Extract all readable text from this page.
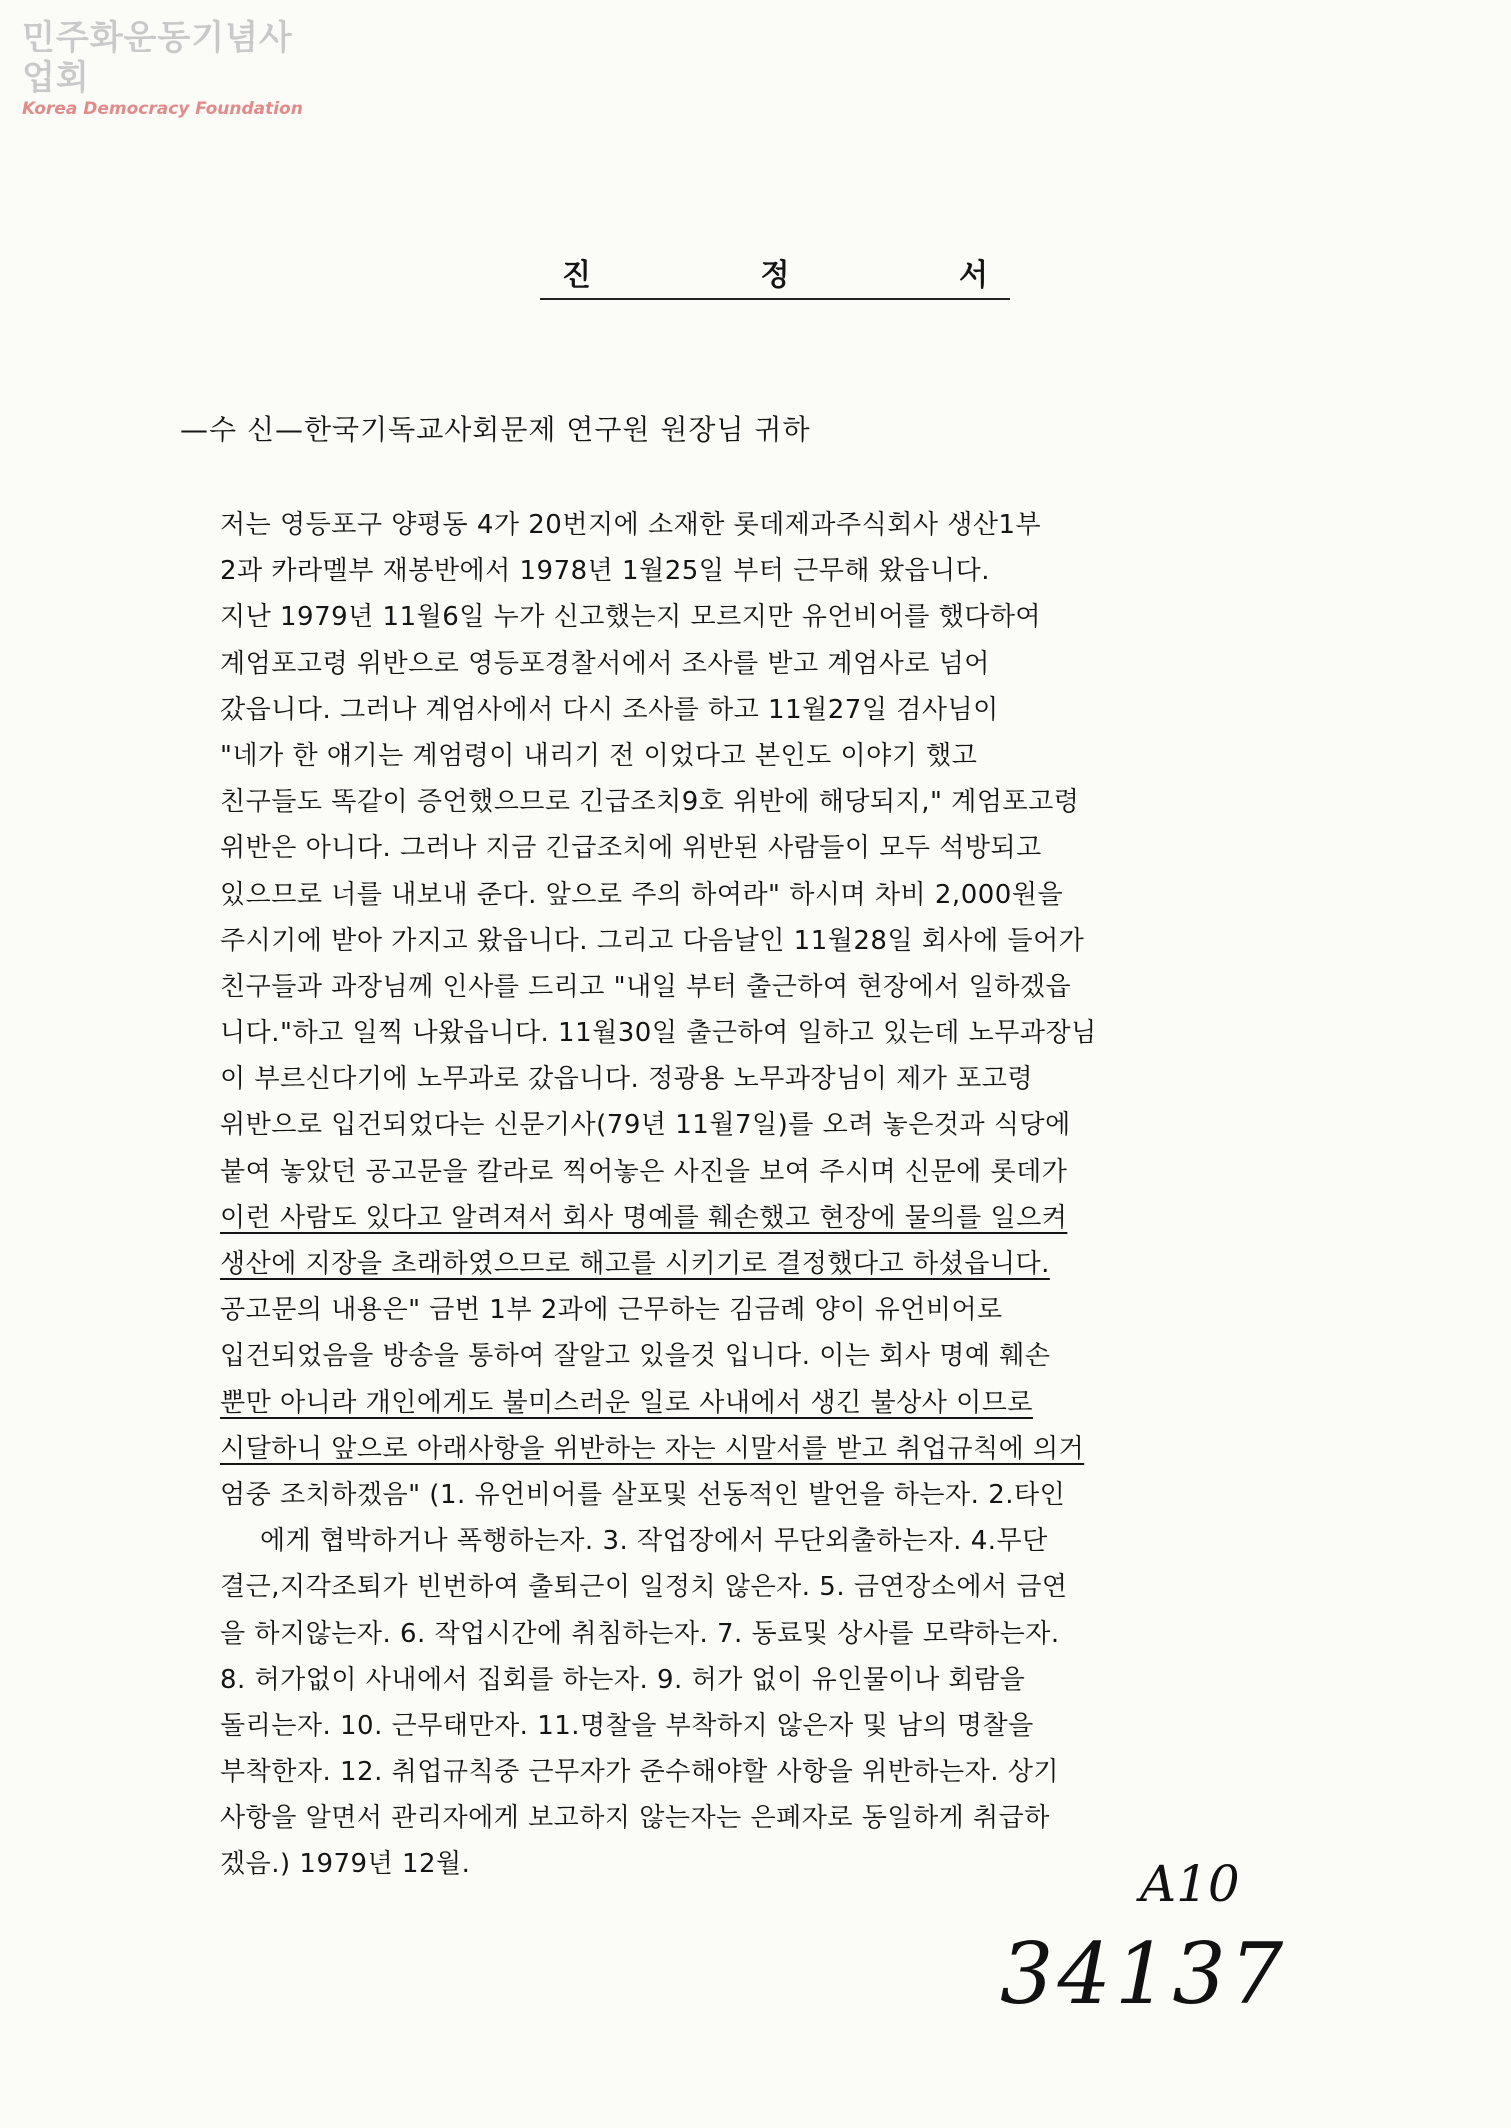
민주화운동기념사업회
Korea Democracy Foundation
진	정	서
—수 신—한국기독교사회문제 연구원 원장님 귀하
저는 영등포구 양평동 4가 20번지에 소재한 롯데제과주식회사 생산1부
2과 카라멜부 재봉반에서 1978년 1월25일 부터 근무해 왔읍니다.
지난 1979년 11월6일 누가 신고했는지 모르지만 유언비어를 했다하여
계엄포고령 위반으로 영등포경찰서에서 조사를 받고 계엄사로 넘어
갔읍니다. 그러나 계엄사에서 다시 조사를 하고 11월27일 검사님이
"네가 한 얘기는 계엄령이 내리기 전 이었다고 본인도 이야기 했고
친구들도 똑같이 증언했으므로 긴급조치9호 위반에 해당되지," 계엄포고령
위반은 아니다. 그러나 지금 긴급조치에 위반된 사람들이 모두 석방되고
있으므로 너를 내보내 준다. 앞으로 주의 하여라" 하시며 차비 2,000원을
주시기에 받아 가지고 왔읍니다. 그리고 다음날인 11월28일 회사에 들어가
친구들과 과장님께 인사를 드리고 "내일 부터 출근하여 현장에서 일하겠읍
니다."하고 일찍 나왔읍니다. 11월30일 출근하여 일하고 있는데 노무과장님
이 부르신다기에 노무과로 갔읍니다. 정광용 노무과장님이 제가 포고령
위반으로 입건되었다는 신문기사(79년 11월7일)를 오려 놓은것과 식당에
붙여 놓았던 공고문을 칼라로 찍어놓은 사진을 보여 주시며 신문에 롯데가
이런 사람도 있다고 알려져서 회사 명예를 훼손했고 현장에 물의를 일으켜
생산에 지장을 초래하였으므로 해고를 시키기로 결정했다고 하셨읍니다.
공고문의 내용은" 금번 1부 2과에 근무하는 김금례 양이 유언비어로
입건되었음을 방송을 통하여 잘알고 있을것 입니다. 이는 회사 명예 훼손
뿐만 아니라 개인에게도 불미스러운 일로 사내에서 생긴 불상사 이므로
시달하니 앞으로 아래사항을 위반하는 자는 시말서를 받고 취업규칙에 의거
엄중 조치하겠음" (1. 유언비어를 살포및 선동적인 발언을 하는자. 2.타인
에게 협박하거나 폭행하는자. 3. 작업장에서 무단외출하는자. 4.무단
결근,지각조퇴가 빈번하여 출퇴근이 일정치 않은자. 5. 금연장소에서 금연
을 하지않는자. 6. 작업시간에 취침하는자. 7. 동료및 상사를 모략하는자.
8. 허가없이 사내에서 집회를 하는자. 9. 허가 없이 유인물이나 회람을
돌리는자. 10. 근무태만자. 11.명찰을 부착하지 않은자 및 남의 명찰을
부착한자. 12. 취업규칙중 근무자가 준수해야할 사항을 위반하는자. 상기
사항을 알면서 관리자에게 보고하지 않는자는 은폐자로 동일하게 취급하
겠음.) 1979년 12월.	A10
34137
